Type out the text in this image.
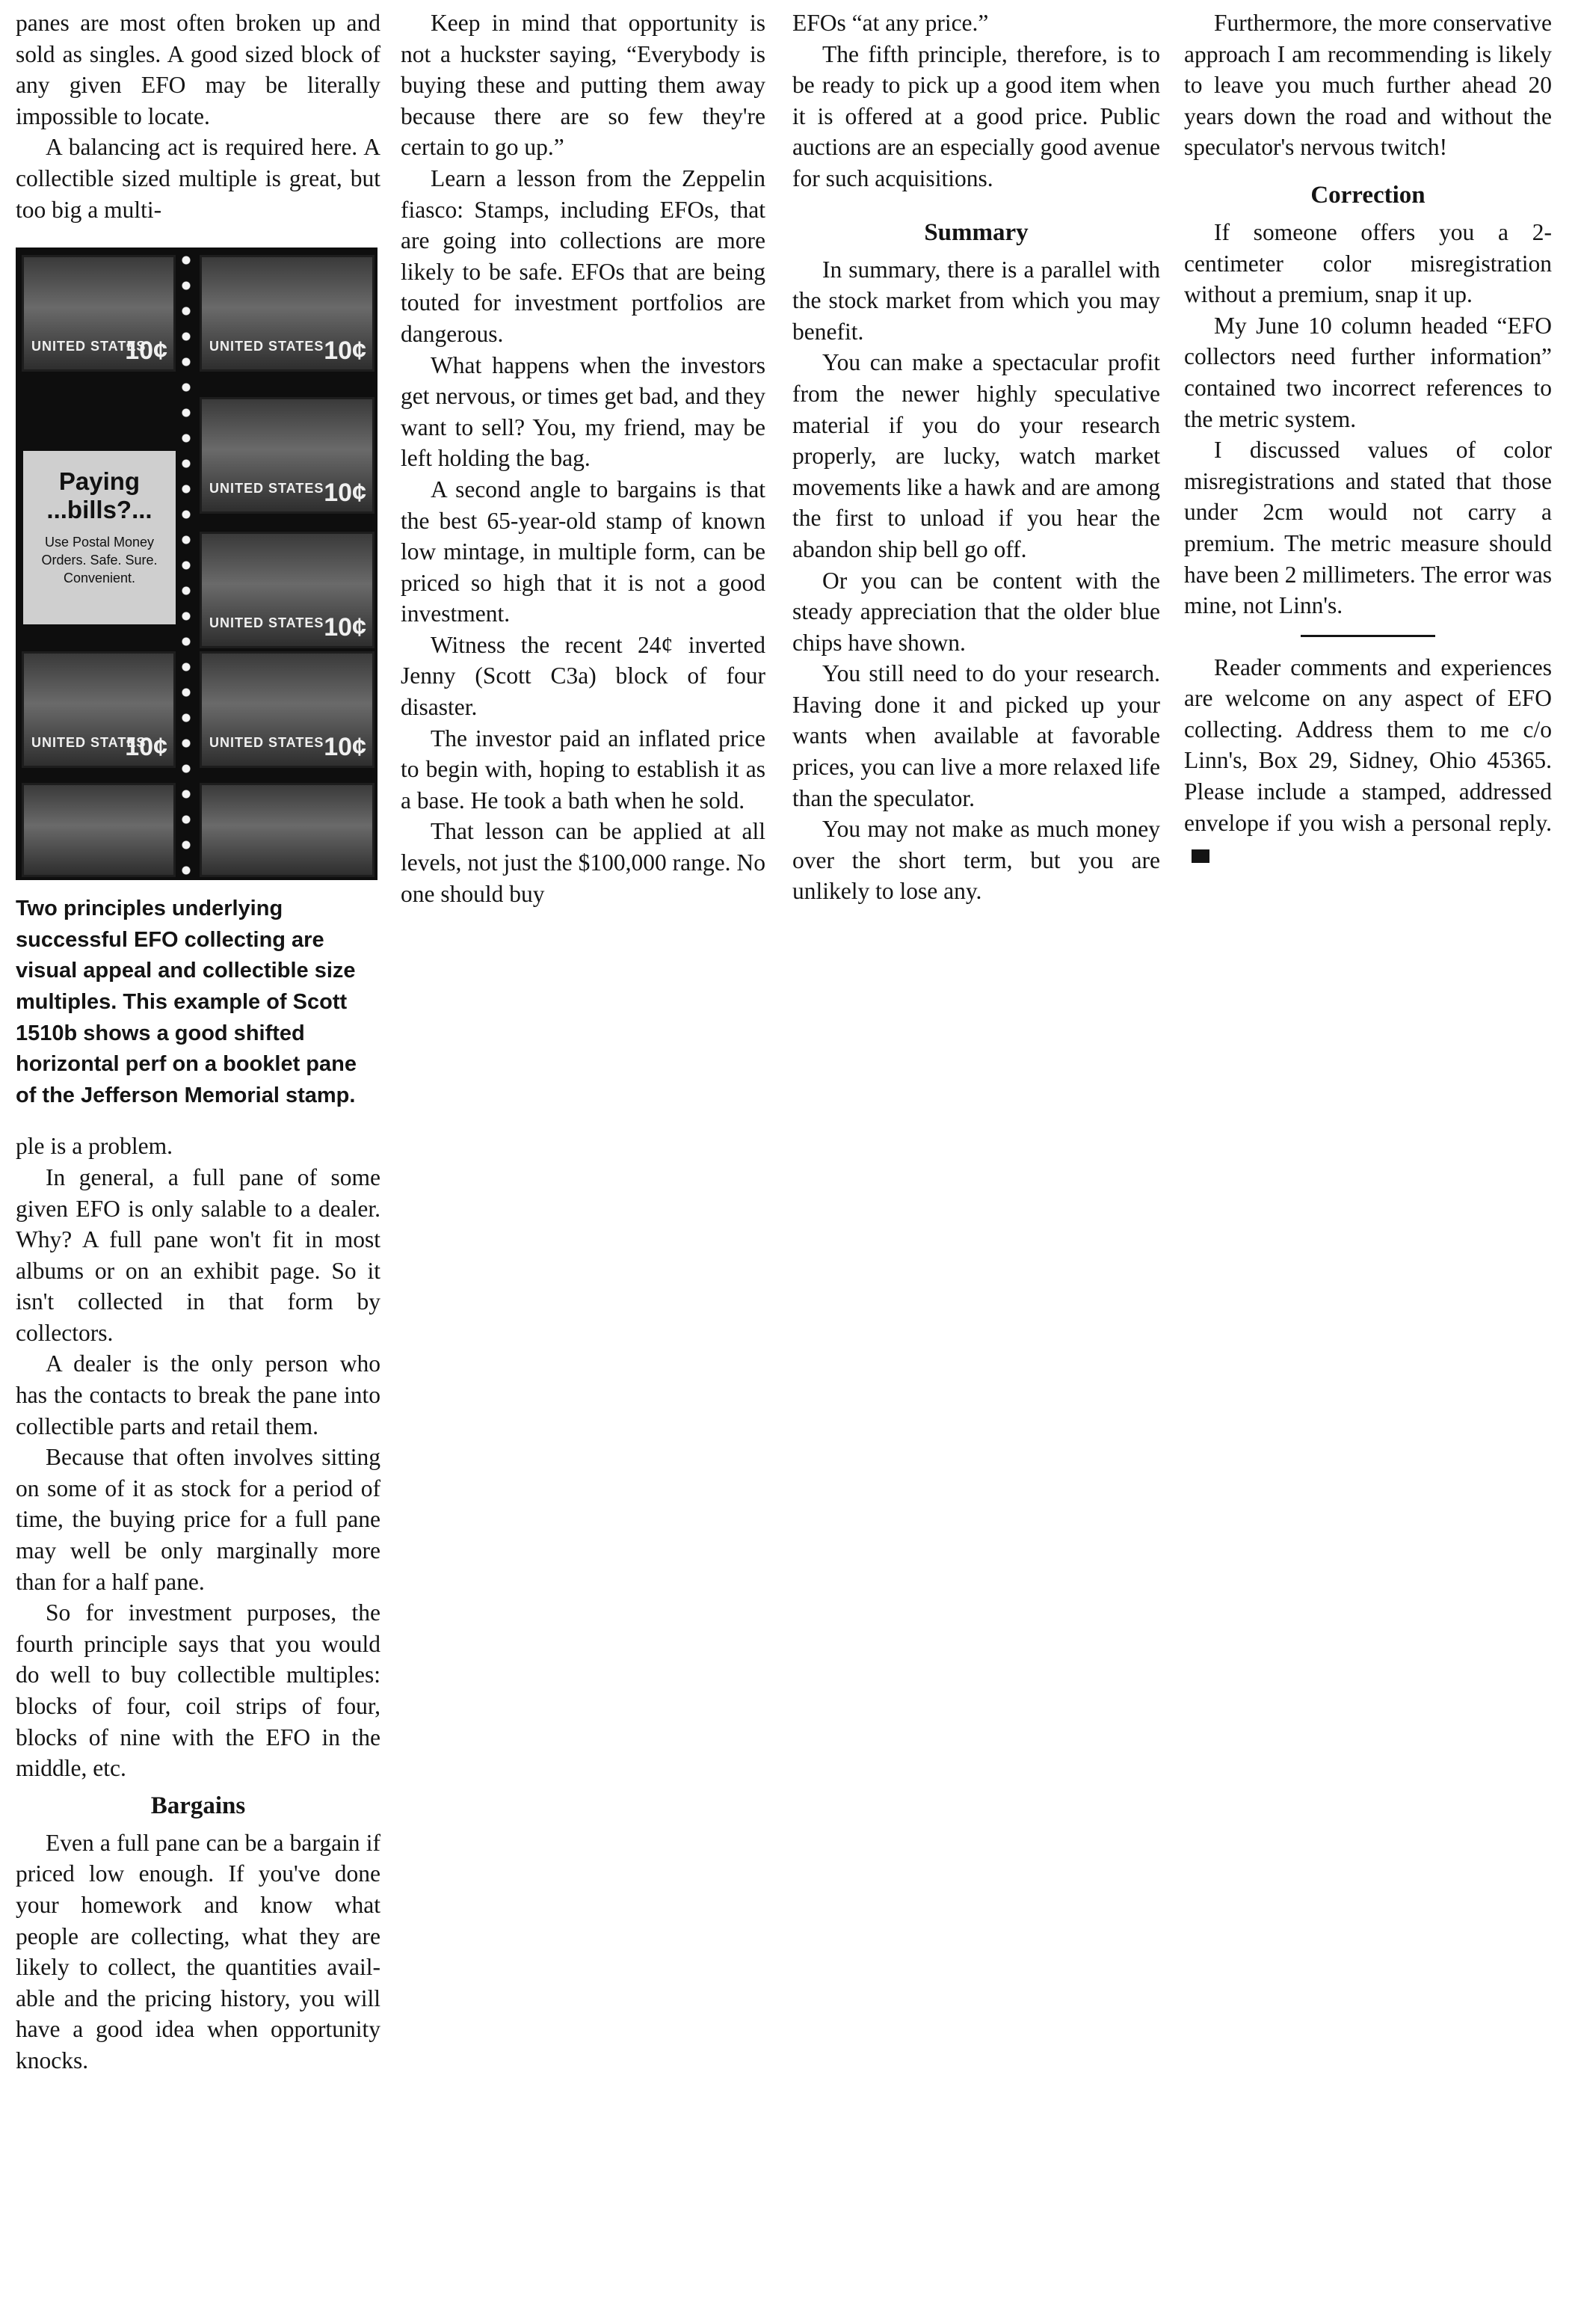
panes are most often broken up and sold as singles. A good sized block of any given EFO may be literally impossible to locate.

A balancing act is required here. A collectible sized multiple is great, but too big a multi-

UNITED STATES
10¢	UNITED STATES 10¢
Paying ...bills?...
Use Postal Money Orders. Safe. Sure. Convenient.
UNITED STATES 10¢
UNITED STATES 10¢
UNITED STATES
10¢	UNITED STATES 10¢
Two principles underlying successful EFO collecting are visual appeal and collectible size multiples. This example of Scott 1510b shows a good shifted horizontal perf on a booklet pane of the Jefferson Memorial stamp.

ple is a problem.

In general, a full pane of some given EFO is only salable to a dealer. Why? A full pane won't fit in most albums or on an exhibit page. So it isn't collected in that form by collectors.

A dealer is the only person who has the contacts to break the pane into collectible parts and retail them.

Because that often involves sitting on some of it as stock for a period of time, the buying price for a full pane may well be only marginally more than for a half pane.

So for investment purposes, the fourth principle says that you would do well to buy collectible multiples: blocks of four, coil strips of four, blocks of nine with the EFO in the middle, etc.

Bargains

Even a full pane can be a bargain if priced low enough. If you've done your homework and know what people are collecting, what they are likely to collect, the quantities available and the pricing history, you will have a good idea when opportunity knocks.

Keep in mind that opportunity is not a huckster saying, “Everybody is buying these and putting them away because there are so few they're certain to go up.”

Learn a lesson from the Zeppelin fiasco: Stamps, including EFOs, that are going into collections are more likely to be safe. EFOs that are being touted for investment portfolios are dangerous.

What happens when the investors get nervous, or times get bad, and they want to sell? You, my friend, may be left holding the bag.

A second angle to bargains is that the best 65-year-old stamp of known low mintage, in multiple form, can be priced so high that it is not a good investment.

Witness the recent 24¢ inverted Jenny (Scott C3a) block of four disaster.

The investor paid an inflated price to begin with, hoping to establish it as a base. He took a bath when he sold.

That lesson can be applied at all levels, not just the $100,000 range. No one should buy

EFOs “at any price.”

The fifth principle, therefore, is to be ready to pick up a good item when it is offered at a good price. Public auctions are an especially good avenue for such acquisitions.

Summary

In summary, there is a parallel with the stock market from which you may benefit.

You can make a spectacular profit from the newer highly speculative material if you do your research properly, are lucky, watch market movements like a hawk and are among the first to unload if you hear the abandon ship bell go off.

Or you can be content with the steady appreciation that the older blue chips have shown.

You still need to do your research. Having done it and picked up your wants when available at favorable prices, you can live a more relaxed life than the speculator.

You may not make as much money over the short term, but you are unlikely to lose any.

Furthermore, the more conservative approach I am recommending is likely to leave you much further ahead 20 years down the road and without the speculator's nervous twitch!

Correction

If someone offers you a 2-centimeter color misregistration without a premium, snap it up.

My June 10 column headed “EFO collectors need further information” contained two incorrect references to the metric system.

I discussed values of color misregistrations and stated that those under 2cm would not carry a premium. The metric measure should have been 2 millimeters. The error was mine, not Linn's.

Reader comments and experiences are welcome on any aspect of EFO collecting. Address them to me c/o Linn's, Box 29, Sidney, Ohio 45365. Please include a stamped, addressed envelope if you wish a personal reply.
